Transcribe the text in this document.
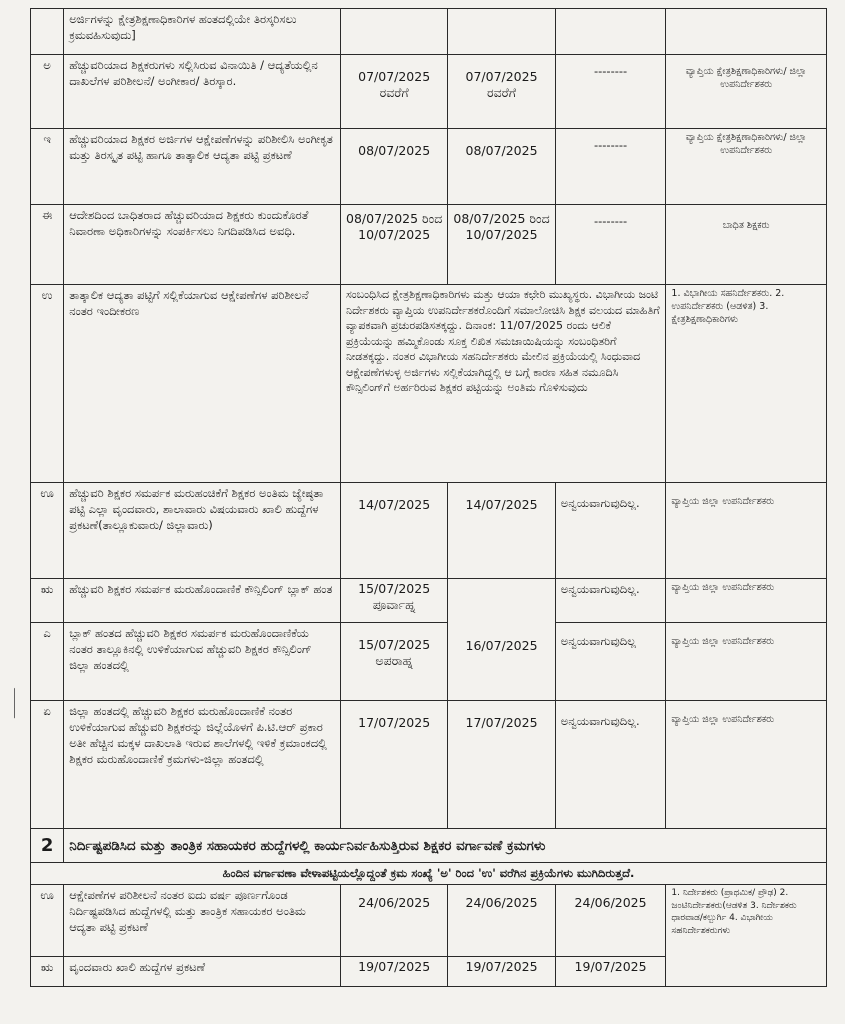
	ಅರ್ಜಿಗಳನ್ನು ಕ್ಷೇತ್ರಶಿಕ್ಷಣಾಧಿಕಾರಿಗಳ ಹಂತದಲ್ಲಿಯೇ ತಿರಸ್ಕರಿಸಲು ಕ್ರಮವಹಿಸುವುದು]				
ಅ	ಹೆಚ್ಚುವರಿಯಾದ ಶಿಕ್ಷಕರುಗಳು ಸಲ್ಲಿಸಿರುವ ವಿನಾಯಿತಿ / ಆದ್ಯತೆಯಲ್ಲಿನ ದಾಖಲೆಗಳ ಪರಿಶೀಲನೆ/ ಅಂಗೀಕಾರ/ ತಿರಸ್ಕಾರ.	07/07/2025 ರವರೆಗೆ	07/07/2025 ರವರೆಗೆ	--------	ವ್ಯಾಪ್ತಿಯ ಕ್ಷೇತ್ರಶಿಕ್ಷಣಾಧಿಕಾರಿಗಳು/ ಜಿಲ್ಲಾ ಉಪನಿರ್ದೇಶಕರು
ಇ	ಹೆಚ್ಚುವರಿಯಾದ ಶಿಕ್ಷಕರ ಅರ್ಜಿಗಳ ಆಕ್ಷೇಪಣೆಗಳನ್ನು ಪರಿಶೀಲಿಸಿ ಅಂಗೀಕೃತ ಮತ್ತು ತಿರಸ್ಕೃತ ಪಟ್ಟಿ ಹಾಗೂ ತಾತ್ಕಾಲಿಕ ಆದ್ಯತಾ ಪಟ್ಟಿ ಪ್ರಕಟಣೆ	08/07/2025	08/07/2025	--------	ವ್ಯಾಪ್ತಿಯ ಕ್ಷೇತ್ರಶಿಕ್ಷಣಾಧಿಕಾರಿಗಳು/ ಜಿಲ್ಲಾ ಉಪನಿರ್ದೇಶಕರು
ಈ	ಆದೇಶದಿಂದ ಬಾಧಿತರಾದ ಹೆಚ್ಚುವರಿಯಾದ ಶಿಕ್ಷಕರು ಕುಂದುಕೊರತೆ ನಿವಾರಣಾ ಅಧಿಕಾರಿಗಳನ್ನು ಸಂಪರ್ಕಿಸಲು ನಿಗದಿಪಡಿಸಿದ ಅವಧಿ.	08/07/2025 ರಿಂದ 10/07/2025	08/07/2025 ರಿಂದ 10/07/2025	--------	ಬಾಧಿತ ಶಿಕ್ಷಕರು
ಉ	ತಾತ್ಕಾಲಿಕ ಆದ್ಯತಾ ಪಟ್ಟಿಗೆ ಸಲ್ಲಿಕೆಯಾಗುವ ಆಕ್ಷೇಪಣೆಗಳ ಪರಿಶೀಲನೆ ನಂತರ ಇಂದೀಕರಣ	ಸಂಬಂಧಿಸಿದ ಕ್ಷೇತ್ರಶಿಕ್ಷಣಾಧಿಕಾರಿಗಳು ಮತ್ತು ಆಯಾ ಕಛೇರಿ ಮುಖ್ಯಸ್ಥರು. ವಿಭಾಗೀಯ ಜಂಟಿ ನಿರ್ದೇಶಕರು ವ್ಯಾಪ್ತಿಯ ಉಪನಿರ್ದೇಶಕರೊಂದಿಗೆ ಸಮಾಲೋಚಿಸಿ ಶಿಕ್ಷಕ ವಲಯದ ಮಾಹಿತಿಗೆ ವ್ಯಾಪಕವಾಗಿ ಪ್ರಚುರಪಡಿಸತಕ್ಕದ್ದು. ದಿನಾಂಕ: 11/07/2025 ರಂದು ಆಲಿಕೆ ಪ್ರಕ್ರಿಯೆಯನ್ನು ಹಮ್ಮಿಕೊಂಡು ಸೂಕ್ತ ಲಿಖಿತ ಸಮಜಾಯಿಷಿಯನ್ನು ಸಂಬಂಧಿತರಿಗೆ ನೀಡತಕ್ಕದ್ದು. ನಂತರ ವಿಭಾಗೀಯ ಸಹನಿರ್ದೇಶಕರು ಮೇಲಿನ ಪ್ರಕ್ರಿಯೆಯಲ್ಲಿ ಸಿಂಧುವಾದ ಆಕ್ಷೇಪಣೆಗಳುಳ್ಳ ಅರ್ಜಿಗಳು ಸಲ್ಲಿಕೆಯಾಗಿದ್ದಲ್ಲಿ ಆ ಬಗ್ಗೆ ಕಾರಣ ಸಹಿತ ನಮೂದಿಸಿ ಕೌನ್ಸಿಲಿಂಗ್‌ಗೆ ಅರ್ಹರಿರುವ ಶಿಕ್ಷಕರ ಪಟ್ಟಿಯನ್ನು ಅಂತಿಮ ಗೊಳಿಸುವುದು			1. ವಿಭಾಗೀಯ ಸಹನಿರ್ದೇಶಕರು. 2. ಉಪನಿರ್ದೇಶಕರು (ಆಡಳಿತ) 3. ಕ್ಷೇತ್ರಶಿಕ್ಷಣಾಧಿಕಾರಿಗಳು
ಊ	ಹೆಚ್ಚುವರಿ ಶಿಕ್ಷಕರ ಸಮರ್ಪಕ ಮರುಹಂಚಿಕೆಗೆ ಶಿಕ್ಷಕರ ಅಂತಿಮ ಜ್ಯೇಷ್ಠತಾ ಪಟ್ಟಿ ಎಲ್ಲಾ ವೃಂದವಾರು, ಶಾಲಾವಾರು ವಿಷಯವಾರು ಖಾಲಿ ಹುದ್ದೆಗಳ ಪ್ರಕಟಣೆ(ತಾಲ್ಲೂಕುವಾರು/ ಜಿಲ್ಲಾವಾರು)	14/07/2025	14/07/2025	ಅನ್ವಯವಾಗುವುದಿಲ್ಲ.	ವ್ಯಾಪ್ತಿಯ ಜಿಲ್ಲಾ ಉಪನಿರ್ದೇಶಕರು
ಋ	ಹೆಚ್ಚುವರಿ ಶಿಕ್ಷಕರ ಸಮರ್ಪಕ ಮರುಹೊಂದಾಣಿಕೆ ಕೌನ್ಸಿಲಿಂಗ್ ಬ್ಲಾಕ್ ಹಂತ	15/07/2025 ಪೂರ್ವಾಹ್ನ	16/07/2025	ಅನ್ವಯವಾಗುವುದಿಲ್ಲ.	ವ್ಯಾಪ್ತಿಯ ಜಿಲ್ಲಾ ಉಪನಿರ್ದೇಶಕರು
ಎ	ಬ್ಲಾಕ್ ಹಂತದ ಹೆಚ್ಚುವರಿ ಶಿಕ್ಷಕರ ಸಮರ್ಪಕ ಮರುಹೊಂದಾಣಿಕೆಯ ನಂತರ ತಾಲ್ಲೂಕಿನಲ್ಲಿ ಉಳಿಕೆಯಾಗುವ ಹೆಚ್ಚುವರಿ ಶಿಕ್ಷಕರ ಕೌನ್ಸಿಲಿಂಗ್ ಜಿಲ್ಲಾ ಹಂತದಲ್ಲಿ	15/07/2025 ಅಪರಾಹ್ನ		ಅನ್ವಯವಾಗುವುದಿಲ್ಲ	ವ್ಯಾಪ್ತಿಯ ಜಿಲ್ಲಾ ಉಪನಿರ್ದೇಶಕರು
ಏ	ಜಿಲ್ಲಾ ಹಂತದಲ್ಲಿ ಹೆಚ್ಚುವರಿ ಶಿಕ್ಷಕರ ಮರುಹೊಂದಾಣಿಕೆ ನಂತರ ಉಳಿಕೆಯಾಗುವ ಹೆಚ್ಚುವರಿ ಶಿಕ್ಷಕರನ್ನು ಜಿಲ್ಲೆಯೊಳಗೆ ಪಿ.ಟಿ.ಆರ್ ಪ್ರಕಾರ ಅತೀ ಹೆಚ್ಚಿನ ಮಕ್ಕಳ ದಾಖಲಾತಿ ಇರುವ ಶಾಲೆಗಳಲ್ಲಿ ಇಳಿಕೆ ಕ್ರಮಾಂಕದಲ್ಲಿ ಶಿಕ್ಷಕರ ಮರುಹೊಂದಾಣಿಕೆ ಕ್ರಮಗಳು-ಜಿಲ್ಲಾ ಹಂತದಲ್ಲಿ	17/07/2025	17/07/2025	ಅನ್ವಯವಾಗುವುದಿಲ್ಲ.	ವ್ಯಾಪ್ತಿಯ ಜಿಲ್ಲಾ ಉಪನಿರ್ದೇಶಕರು
2	ನಿರ್ದಿಷ್ಟಪಡಿಸಿದ ಮತ್ತು ತಾಂತ್ರಿಕ ಸಹಾಯಕರ ಹುದ್ದೆಗಳಲ್ಲಿ ಕಾರ್ಯನಿರ್ವಹಿಸುತ್ತಿರುವ ಶಿಕ್ಷಕರ ವರ್ಗಾವಣೆ ಕ್ರಮಗಳು				
ಹಿಂದಿನ ವರ್ಗಾವಣಾ ವೇಳಾಪಟ್ಟಿಯಲ್ಲೊದ್ದಂತೆ ಕ್ರಮ ಸಂಖ್ಯೆ 'ಅ' ರಿಂದ 'ಉ' ವರೆಗಿನ ಪ್ರಕ್ರಿಯೆಗಳು ಮುಗಿದಿರುತ್ತದೆ.					
ಊ	ಆಕ್ಷೇಪಣೆಗಳ ಪರಿಶೀಲನೆ ನಂತರ ಐದು ವರ್ಷ ಪೂರ್ಣಗೊಂಡ ನಿರ್ದಿಷ್ಟಪಡಿಸಿದ ಹುದ್ದೆಗಳಲ್ಲಿ ಮತ್ತು ತಾಂತ್ರಿಕ ಸಹಾಯಕರ ಅಂತಿಮ ಆದ್ಯತಾ ಪಟ್ಟಿ ಪ್ರಕಟಣೆ	24/06/2025	24/06/2025	24/06/2025	1. ನಿರ್ದೇಶಕರು (ಪ್ರಾಥಮಿಕ/ ಪ್ರೌಢ) 2. ಜಂಟಿನಿರ್ದೇಶಕರು(ಆಡಳಿತ 3. ನಿರ್ದೇಶಕರು ಧಾರವಾಡ/ಕಲ್ಬುರ್ಗಿ 4. ವಿಭಾಗೀಯ ಸಹನಿರ್ದೇಶಕರುಗಳು
ಋ	ವೃಂದವಾರು ಖಾಲಿ ಹುದ್ದೆಗಳ ಪ್ರಕಟಣೆ	19/07/2025	19/07/2025	19/07/2025	
